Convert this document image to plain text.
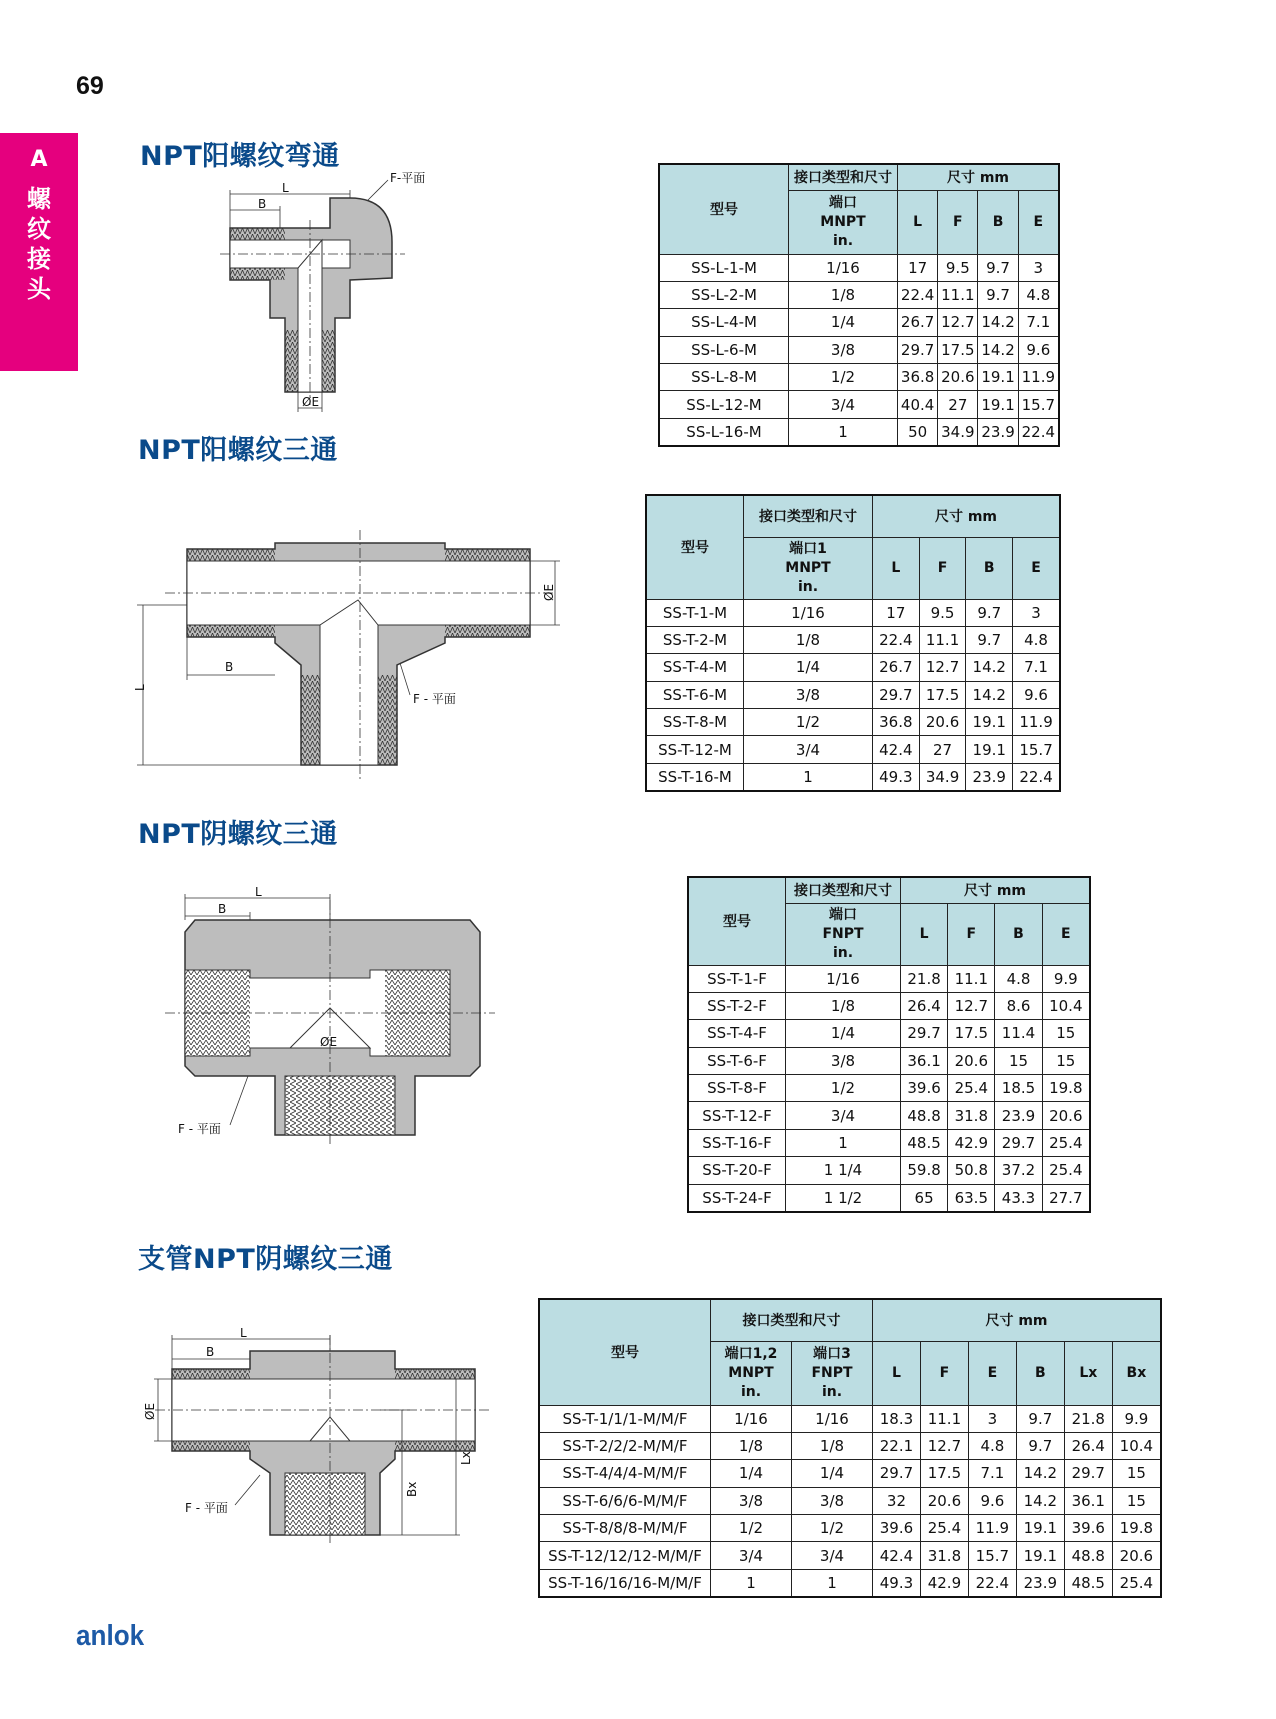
69
A
螺纹接头
NPT阳螺纹弯通
NPT阳螺纹三通
NPT阴螺纹三通
支管NPT阴螺纹三通
L
B
F-平面
ØE
型号	接口类型和尺寸	尺寸 mm			
	端口
MNPT
in.	L	F	B	E
SS-L-1-M	1/16	17	9.5	9.7	3
SS-L-2-M	1/8	22.4	11.1	9.7	4.8
SS-L-4-M	1/4	26.7	12.7	14.2	7.1
SS-L-6-M	3/8	29.7	17.5	14.2	9.6
SS-L-8-M	1/2	36.8	20.6	19.1	11.9
SS-L-12-M	3/4	40.4	27	19.1	15.7
SS-L-16-M	1	50	34.9	23.9	22.4
L
B
F - 平面
ØE
型号	接口类型和尺寸	尺寸 mm			
	端口1
MNPT
in.	L	F	B	E
SS-T-1-M	1/16	17	9.5	9.7	3
SS-T-2-M	1/8	22.4	11.1	9.7	4.8
SS-T-4-M	1/4	26.7	12.7	14.2	7.1
SS-T-6-M	3/8	29.7	17.5	14.2	9.6
SS-T-8-M	1/2	36.8	20.6	19.1	11.9
SS-T-12-M	3/4	42.4	27	19.1	15.7
SS-T-16-M	1	49.3	34.9	23.9	22.4
L
B
F - 平面
ØE
型号	接口类型和尺寸	尺寸 mm			
	端口
FNPT
in.	L	F	B	E
SS-T-1-F	1/16	21.8	11.1	4.8	9.9
SS-T-2-F	1/8	26.4	12.7	8.6	10.4
SS-T-4-F	1/4	29.7	17.5	11.4	15
SS-T-6-F	3/8	36.1	20.6	15	15
SS-T-8-F	1/2	39.6	25.4	18.5	19.8
SS-T-12-F	3/4	48.8	31.8	23.9	20.6
SS-T-16-F	1	48.5	42.9	29.7	25.4
SS-T-20-F	1 1/4	59.8	50.8	37.2	25.4
SS-T-24-F	1 1/2	65	63.5	43.3	27.7
L
B
F - 平面
ØE
Bx
Lx
型号	接口类型和尺寸		尺寸 mm					
	端口1,2
MNPT
in.	端口3
FNPT
in.	L	F	E	B	Lx	Bx
SS-T-1/1/1-M/M/F	1/16	1/16	18.3	11.1	3	9.7	21.8	9.9
SS-T-2/2/2-M/M/F	1/8	1/8	22.1	12.7	4.8	9.7	26.4	10.4
SS-T-4/4/4-M/M/F	1/4	1/4	29.7	17.5	7.1	14.2	29.7	15
SS-T-6/6/6-M/M/F	3/8	3/8	32	20.6	9.6	14.2	36.1	15
SS-T-8/8/8-M/M/F	1/2	1/2	39.6	25.4	11.9	19.1	39.6	19.8
SS-T-12/12/12-M/M/F	3/4	3/4	42.4	31.8	15.7	19.1	48.8	20.6
SS-T-16/16/16-M/M/F	1	1	49.3	42.9	22.4	23.9	48.5	25.4
anlok
